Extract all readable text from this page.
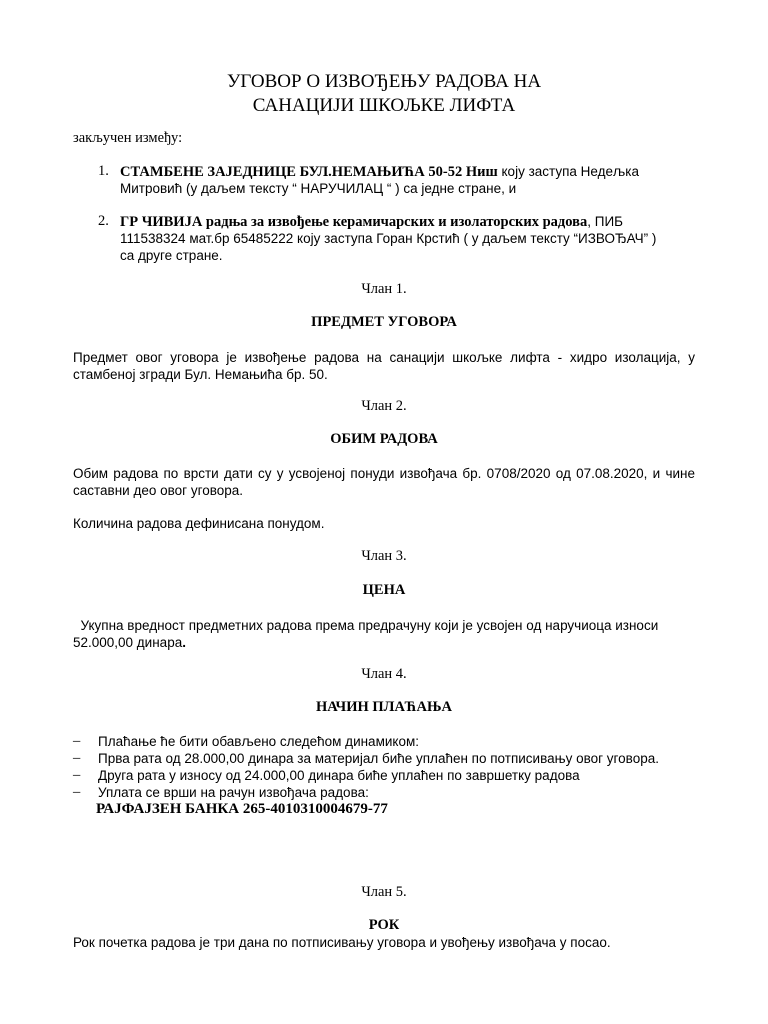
УГОВОР О ИЗВОЂЕЊУ РАДОВА НА
САНАЦИЈИ ШКОЉКЕ ЛИФТА
закључен између:
1. СТАМБЕНЕ ЗАЈЕДНИЦЕ БУЛ.НЕМАЊИЋА 50-52 Ниш коју заступа Недељка
Митровић (у даљем тексту “ НАРУЧИЛАЦ “ ) са једне стране, и
2. ГР ЧИВИЈА радња за извођење керамичарских и изолаторских радова, ПИБ
111538324 мат.бр 65485222 коју заступа Горан Крстић ( у даљем тексту “ИЗВОЂАЧ” )
са друге стране.
Члан 1.
ПРЕДМЕТ УГОВОРА
Предмет овог уговора је извођење радова на санацији шкољке лифта - хидро изолација, у стамбеној згради Бул. Немањића бр. 50.
Члан 2.
ОБИМ РАДОВА
Обим радова по врсти дати су у усвојеној понуди извођача бр. 0708/2020 од 07.08.2020, и чине саставни део овог уговора.
Количина радова дефинисана понудом.
Члан 3.
ЦЕНА
Укупна вредност предметних радова према предрачуну који је усвојен од наручиоца износи
52.000,00 динара.
Члан 4.
НАЧИН ПЛАЋАЊА
– Плаћање ће бити обављено следећом динамиком:
– Прва рата од 28.000,00 динара за материјал биће уплаћен по потписивању овог уговора.
– Друга рата у износу од 24.000,00 динара биће уплаћен по завршетку радова
– Уплата се врши на рачун извођача радова:
РАЈФАЈЗЕН БАНКА 265-4010310004679-77
Члан 5.
РОК
Рок почетка радова је три дана по потписивању уговора и увођењу извођача у посао.
